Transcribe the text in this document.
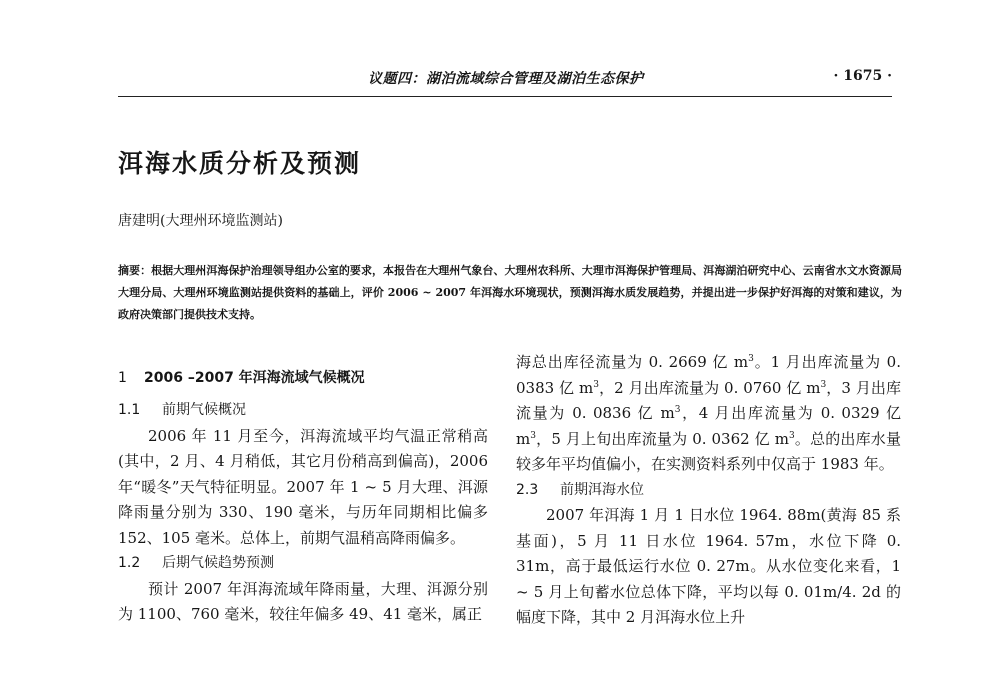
议题四：湖泊流域综合管理及湖泊生态保护	· 1675 ·
洱海水质分析及预测
唐建明(大理州环境监测站)
摘要：根据大理州洱海保护治理领导组办公室的要求，本报告在大理州气象台、大理州农科所、大理市洱海保护管理局、洱海湖泊研究中心、云南省水文水资源局大理分局、大理州环境监测站提供资料的基础上，评价 2006 ~ 2007 年洱海水环境现状，预测洱海水质发展趋势，并提出进一步保护好洱海的对策和建议，为政府决策部门提供技术支持。
1 2006 –2007 年洱海流域气候概况
1.1 前期气候概况

2006 年 11 月至今，洱海流域平均气温正常稍高(其中，2 月、4 月稍低，其它月份稍高到偏高)，2006 年“暖冬”天气特征明显。2007 年 1 ~ 5 月大理、洱源降雨量分别为 330、190 毫米，与历年同期相比偏多 152、105 毫米。总体上，前期气温稍高降雨偏多。

1.2 后期气候趋势预测

预计 2007 年洱海流域年降雨量，大理、洱源分别为 1100、760 毫米，较往年偏多 49、41 毫米，属正

海总出库径流量为 0. 2669 亿 $m^3$。1 月出库流量为 0. 0383 亿 $m^3$，2 月出库流量为 0. 0760 亿 $m^3$，3 月出库流量为 0. 0836 亿 $m^3$，4 月出库流量为 0. 0329 亿 $m^3$，5 月上旬出库流量为 0. 0362 亿 $m^3$。总的出库水量较多年平均值偏小，在实测资料系列中仅高于 1983 年。

2.3 前期洱海水位

2007 年洱海 1 月 1 日水位 1964. 88m(黄海 85 系基面)，5 月 11 日水位 1964. 57m，水位下降 0. 31m，高于最低运行水位 0. 27m。从水位变化来看，1 ~ 5 月上旬蓄水位总体下降，平均以每 0. 01m/4. 2d 的幅度下降，其中 2 月洱海水位上升
